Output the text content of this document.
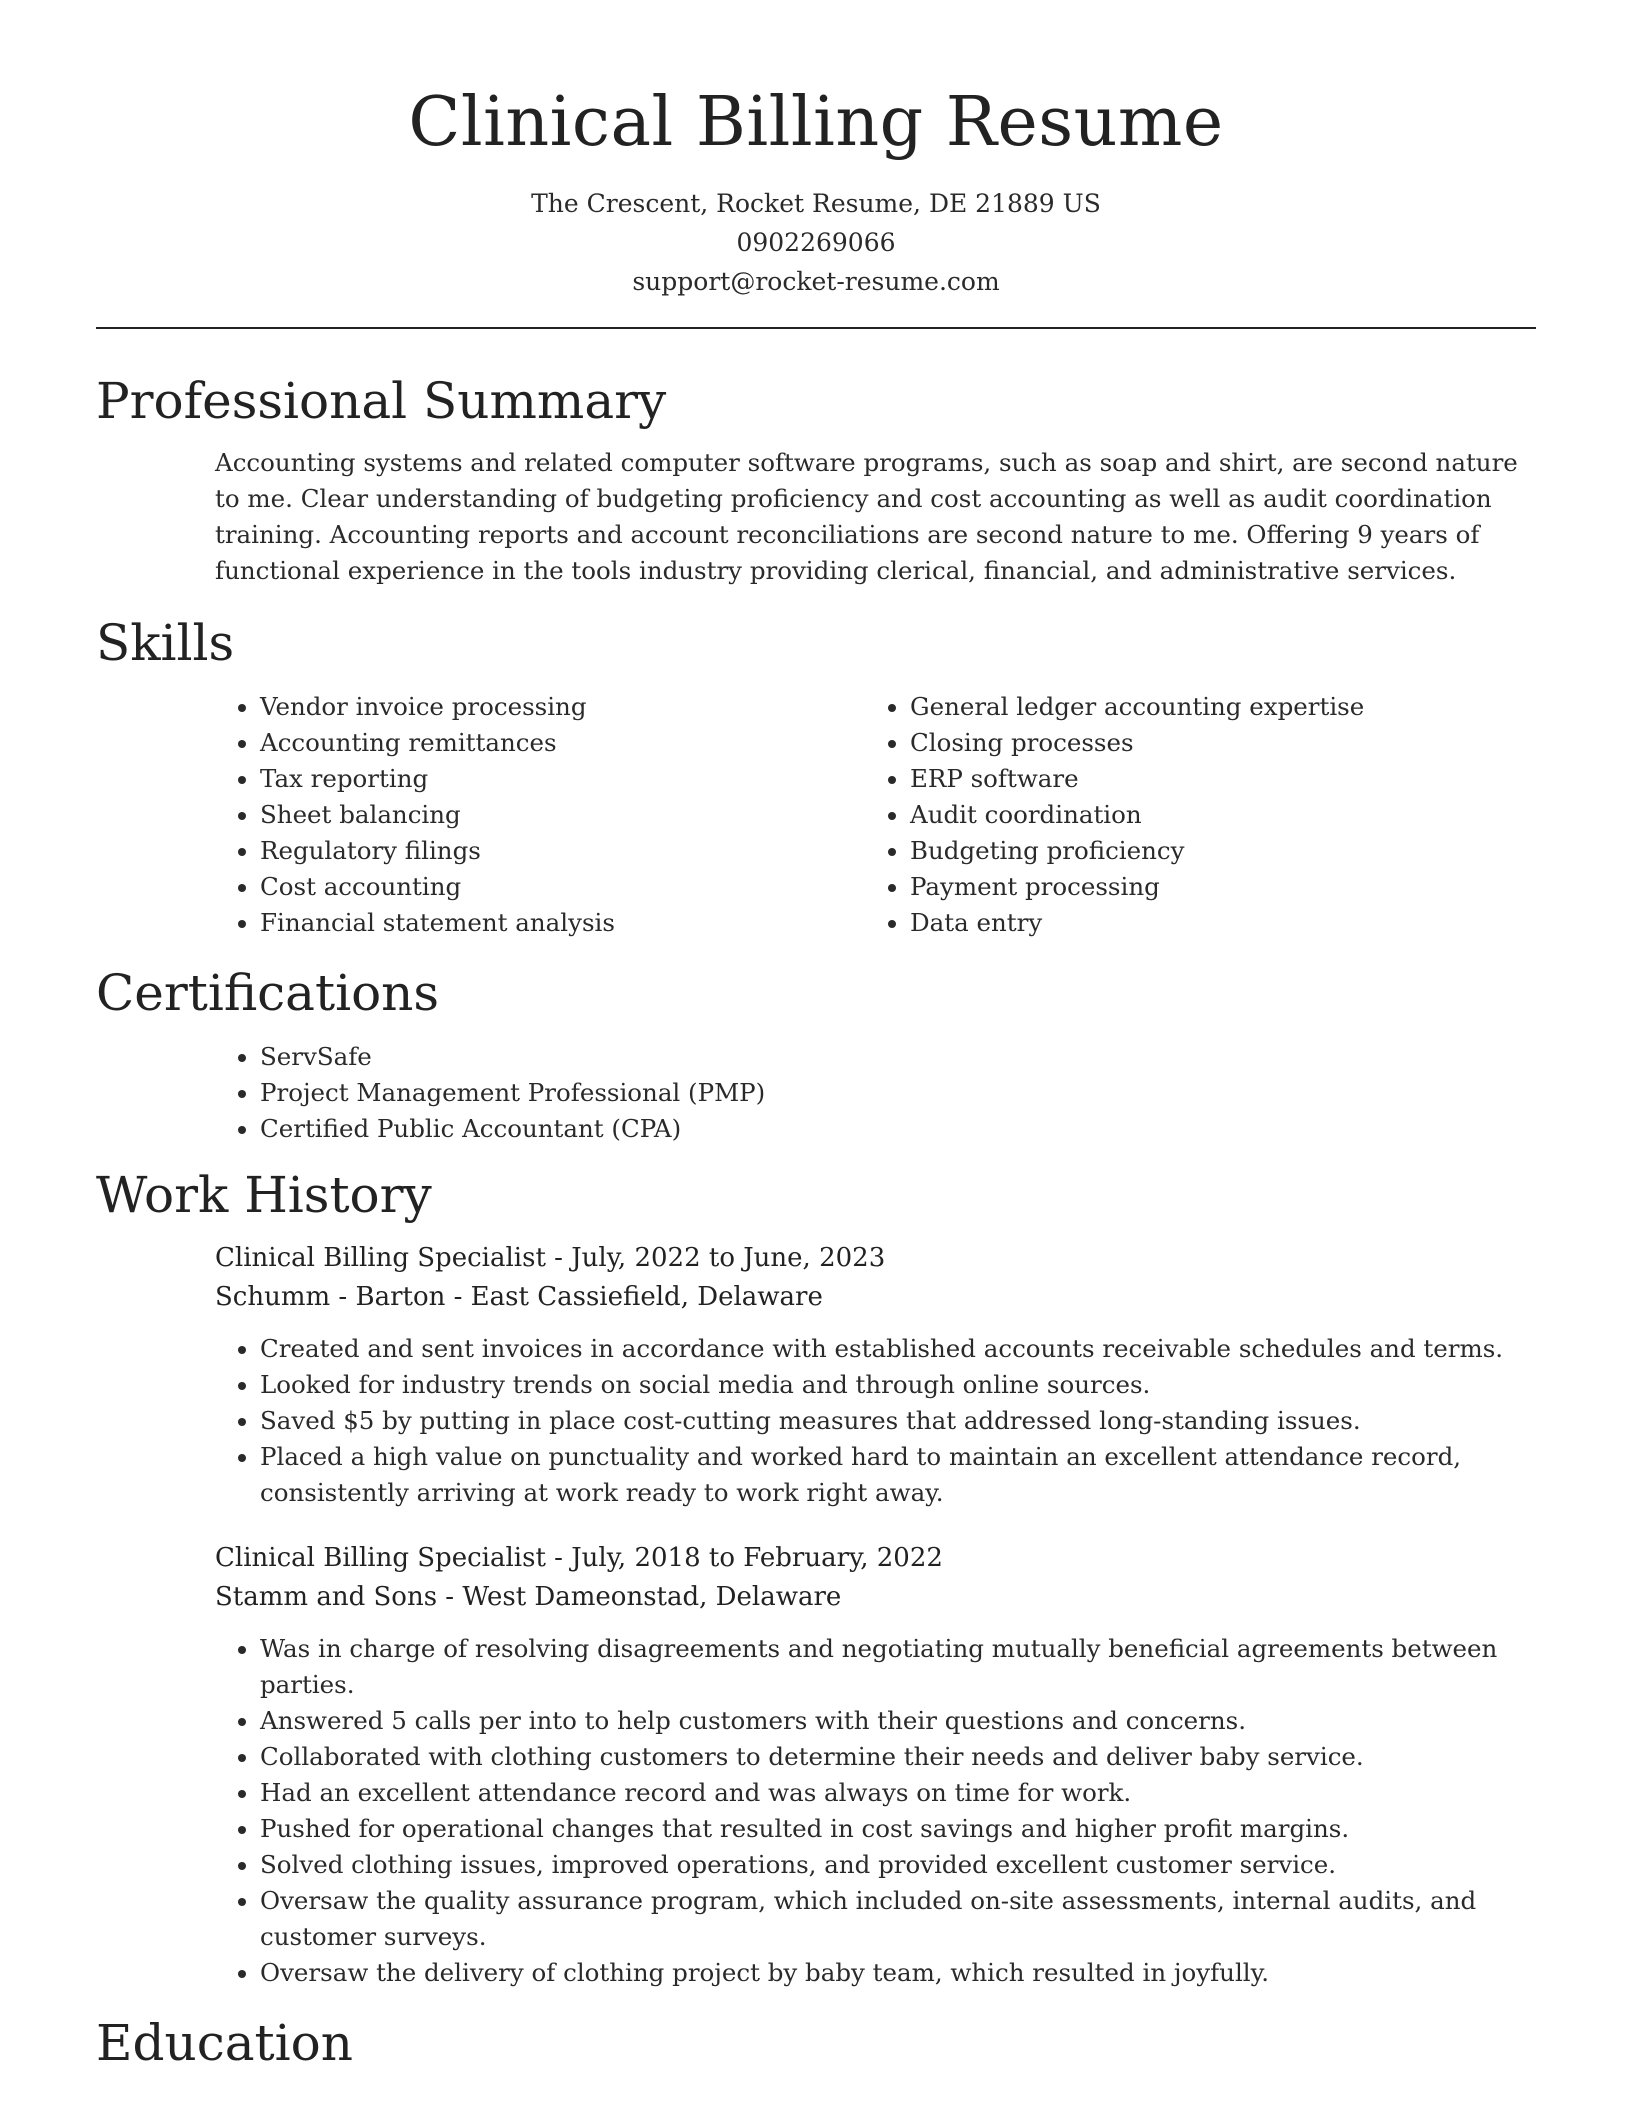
Clinical Billing Resume
The Crescent, Rocket Resume, DE 21889 US
0902269066
support@rocket-resume.com
Professional Summary
Accounting systems and related computer software programs, such as soap and shirt, are second nature to me. Clear understanding of budgeting proficiency and cost accounting as well as audit coordination training. Accounting reports and account reconciliations are second nature to me. Offering 9 years of functional experience in the tools industry providing clerical, financial, and administrative services.
Skills
• Vendor invoice processing
• Accounting remittances
• Tax reporting
• Sheet balancing
• Regulatory filings
• Cost accounting
• Financial statement analysis
• General ledger accounting expertise
• Closing processes
• ERP software
• Audit coordination
• Budgeting proficiency
• Payment processing
• Data entry
Certifications
• ServSafe
• Project Management Professional (PMP)
• Certified Public Accountant (CPA)
Work History
Clinical Billing Specialist - July, 2022 to June, 2023
Schumm - Barton - East Cassiefield, Delaware
• Created and sent invoices in accordance with established accounts receivable schedules and terms.
• Looked for industry trends on social media and through online sources.
• Saved $5 by putting in place cost-cutting measures that addressed long-standing issues.
• Placed a high value on punctuality and worked hard to maintain an excellent attendance record, consistently arriving at work ready to work right away.
Clinical Billing Specialist - July, 2018 to February, 2022
Stamm and Sons - West Dameonstad, Delaware
• Was in charge of resolving disagreements and negotiating mutually beneficial agreements between parties.
• Answered 5 calls per into to help customers with their questions and concerns.
• Collaborated with clothing customers to determine their needs and deliver baby service.
• Had an excellent attendance record and was always on time for work.
• Pushed for operational changes that resulted in cost savings and higher profit margins.
• Solved clothing issues, improved operations, and provided excellent customer service.
• Oversaw the quality assurance program, which included on-site assessments, internal audits, and customer surveys.
• Oversaw the delivery of clothing project by baby team, which resulted in joyfully.
Education
